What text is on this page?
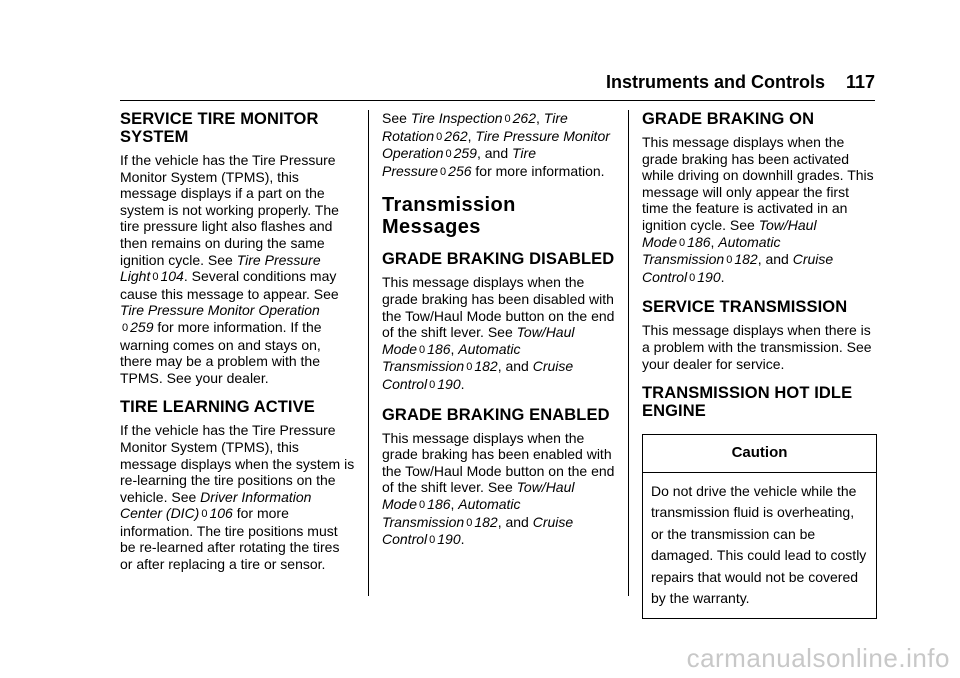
Instruments and Controls 117
SERVICE TIRE MONITOR SYSTEM

If the vehicle has the Tire Pressure Monitor System (TPMS), this message displays if a part on the system is not working properly. The tire pressure light also flashes and then remains on during the same ignition cycle. See Tire Pressure Light 0 104. Several conditions may cause this message to appear. See Tire Pressure Monitor Operation
0 259 for more information. If the warning comes on and stays on, there may be a problem with the TPMS. See your dealer.

TIRE LEARNING ACTIVE

If the vehicle has the Tire Pressure Monitor System (TPMS), this message displays when the system is re-learning the tire positions on the vehicle. See Driver Information Center (DIC) 0 106 for more information. The tire positions must be re-learned after rotating the tires or after replacing a tire or sensor.

See Tire Inspection 0 262, Tire Rotation 0 262, Tire Pressure Monitor Operation 0 259, and Tire Pressure 0 256 for more information.

Transmission Messages
GRADE BRAKING DISABLED

This message displays when the grade braking has been disabled with the Tow/Haul Mode button on the end of the shift lever. See Tow/Haul Mode 0 186, Automatic Transmission 0 182, and Cruise Control 0 190.

GRADE BRAKING ENABLED

This message displays when the grade braking has been enabled with the Tow/Haul Mode button on the end of the shift lever. See Tow/Haul Mode 0 186, Automatic Transmission 0 182, and Cruise Control 0 190.

GRADE BRAKING ON

This message displays when the grade braking has been activated while driving on downhill grades. This message will only appear the first time the feature is activated in an ignition cycle. See Tow/Haul Mode 0 186, Automatic Transmission 0 182, and Cruise Control 0 190.

SERVICE TRANSMISSION

This message displays when there is a problem with the transmission. See your dealer for service.

TRANSMISSION HOT IDLE ENGINE
Caution
Do not drive the vehicle while the transmission fluid is overheating, or the transmission can be damaged. This could lead to costly repairs that would not be covered by the warranty.
carmanualsonline.info
